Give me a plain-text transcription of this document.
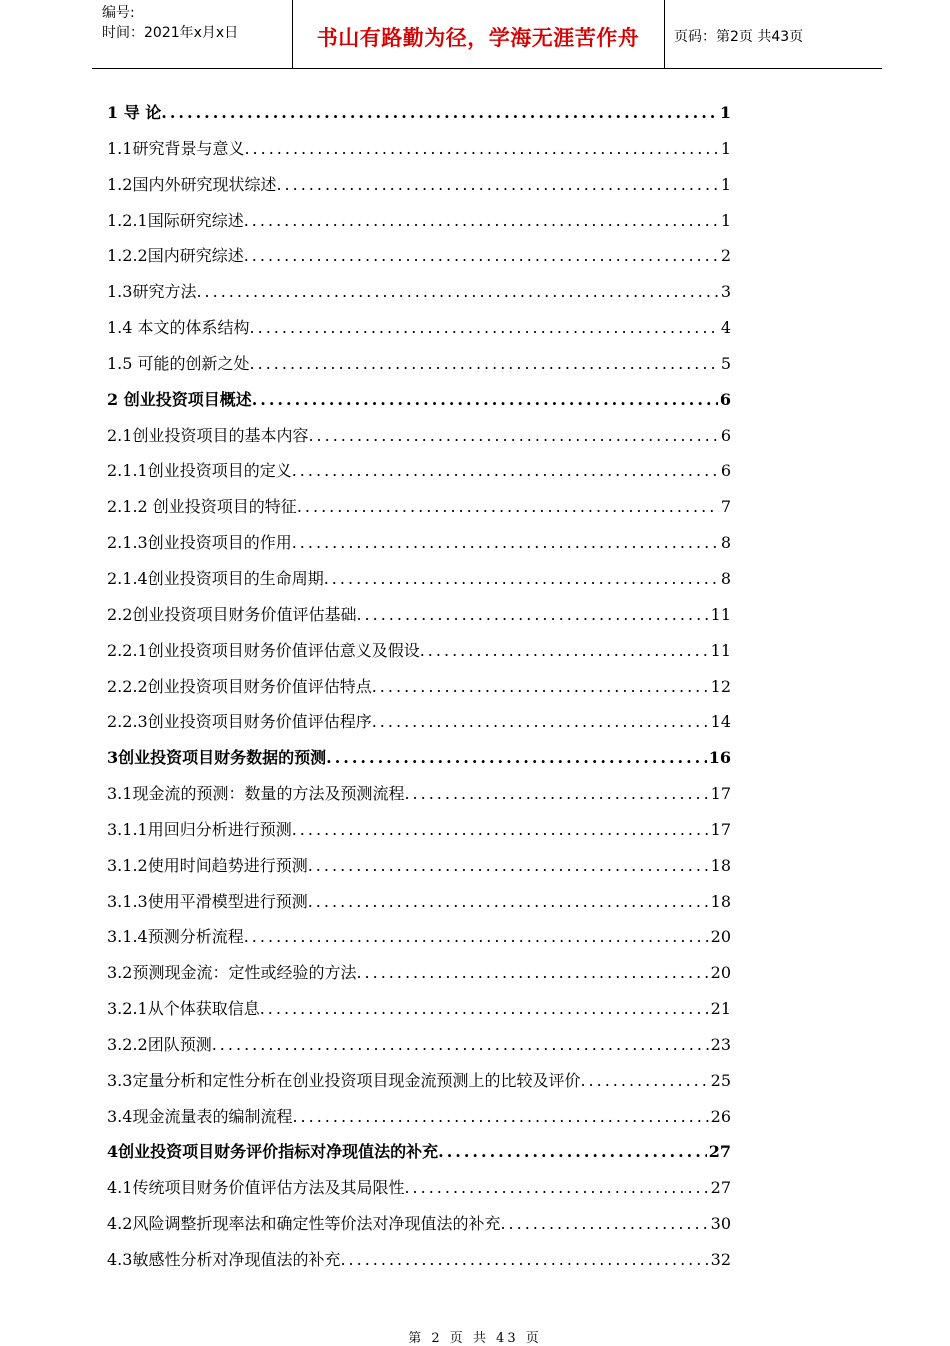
编号:
时间：2021年x月x日	书山有路勤为径，学海无涯苦作舟	页码：第2页 共43页
1 导 论 .....	1
1.1研究背景与意义 .....	1
1.2国内外研究现状综述 .....	1
1.2.1国际研究综述 .....	1
1.2.2国内研究综述 .....	2
1.3研究方法 .....	3
1.4 本文的体系结构 .....	4
1.5 可能的创新之处 .....	5
2 创业投资项目概述 .....	6
2.1创业投资项目的基本内容 .....	6
2.1.1创业投资项目的定义 .....	6
2.1.2 创业投资项目的特征 .....	7
2.1.3创业投资项目的作用 .....	8
2.1.4创业投资项目的生命周期 .....	8
2.2创业投资项目财务价值评估基础 .....	11
2.2.1创业投资项目财务价值评估意义及假设 .....	11
2.2.2创业投资项目财务价值评估特点 .....	12
2.2.3创业投资项目财务价值评估程序 .....	14
3创业投资项目财务数据的预测 .....	16
3.1现金流的预测：数量的方法及预测流程 .....	17
3.1.1用回归分析进行预测 .....	17
3.1.2使用时间趋势进行预测 .....	18
3.1.3使用平滑模型进行预测 .....	18
3.1.4预测分析流程 .....	20
3.2预测现金流：定性或经验的方法 .....	20
3.2.1从个体获取信息 .....	21
3.2.2团队预测 .....	23
3.3定量分析和定性分析在创业投资项目现金流预测上的比较及评价 .....	25
3.4现金流量表的编制流程 .....	26
4创业投资项目财务评价指标对净现值法的补充 .....	27
4.1传统项目财务价值评估方法及其局限性 .....	27
4.2风险调整折现率法和确定性等价法对净现值法的补充 .....	30
4.3敏感性分析对净现值法的补充 .....	32
第 2 页 共 43 页
